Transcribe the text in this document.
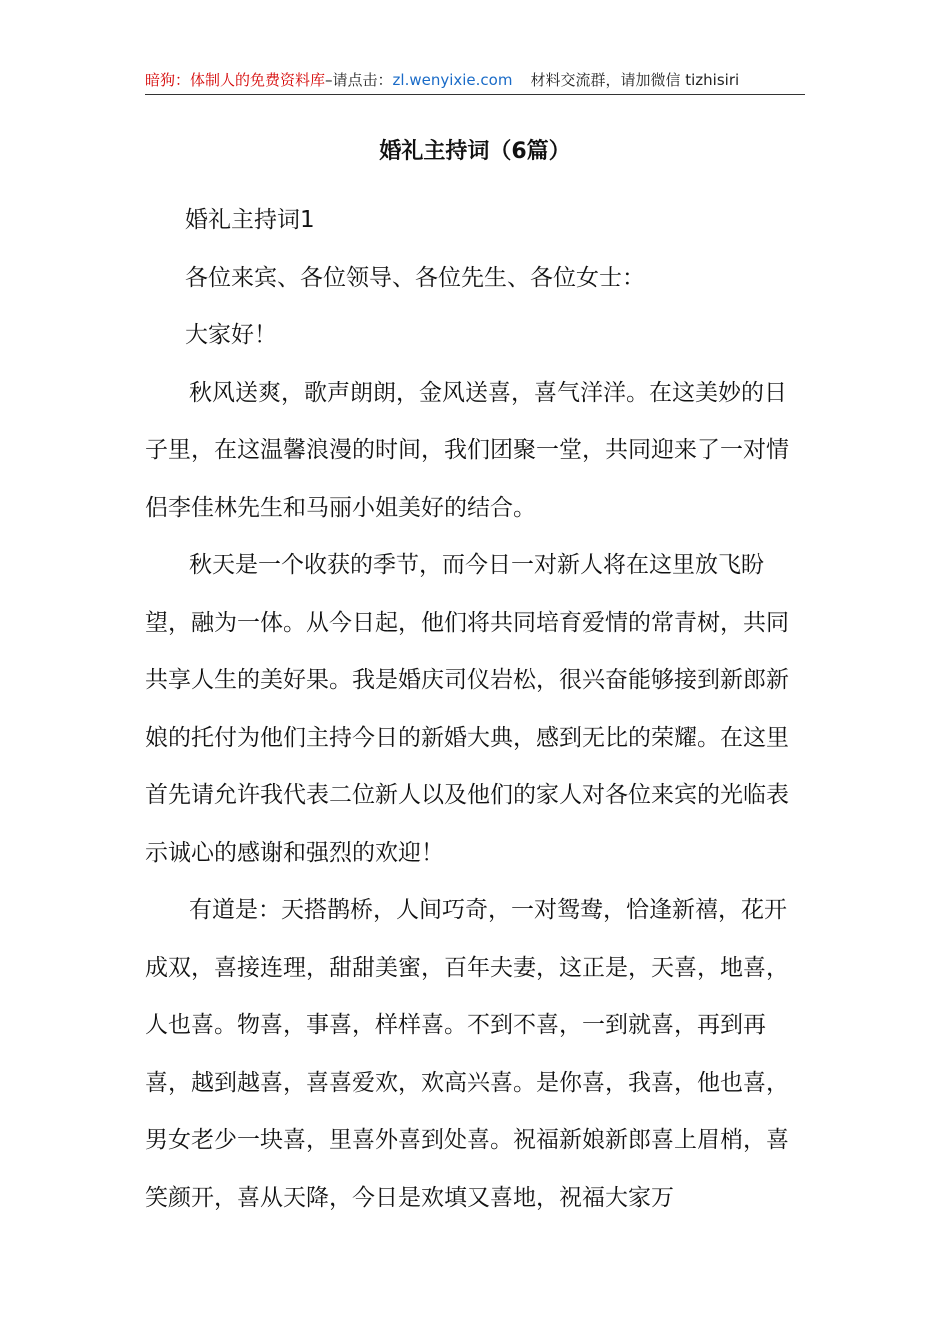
暗狗：体制人的免费资料库–请点击：zl.wenyixie.com 材料交流群，请加微信 tizhisiri
婚礼主持词（6篇）

婚礼主持词1

各位来宾、各位领导、各位先生、各位女士：

大家好！

秋风送爽，歌声朗朗，金风送喜，喜气洋洋。在这美妙的日子里，在这温馨浪漫的时间，我们团聚一堂，共同迎来了一对情侣李佳林先生和马丽小姐美好的结合。

秋天是一个收获的季节，而今日一对新人将在这里放飞盼望，融为一体。从今日起，他们将共同培育爱情的常青树，共同共享人生的美好果。我是婚庆司仪岩松，很兴奋能够接到新郎新娘的托付为他们主持今日的新婚大典，感到无比的荣耀。在这里首先请允许我代表二位新人以及他们的家人对各位来宾的光临表示诚心的感谢和强烈的欢迎！

有道是：天搭鹊桥，人间巧奇，一对鸳鸯，恰逢新禧，花开成双，喜接连理，甜甜美蜜，百年夫妻，这正是，天喜，地喜，人也喜。物喜，事喜，样样喜。不到不喜，一到就喜，再到再喜，越到越喜，喜喜爱欢，欢高兴喜。是你喜，我喜，他也喜，男女老少一块喜，里喜外喜到处喜。祝福新娘新郎喜上眉梢，喜笑颜开，喜从天降，今日是欢填又喜地，祝福大家万
